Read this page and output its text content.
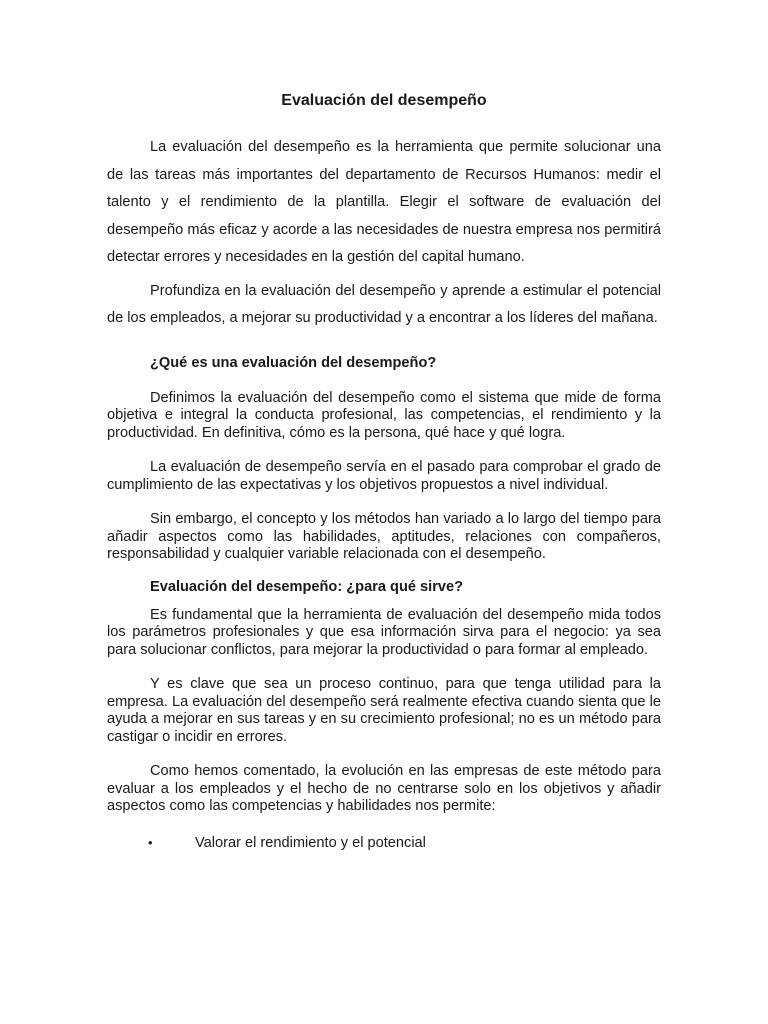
Evaluación del desempeño

La evaluación del desempeño es la herramienta que permite solucionar una de las tareas más importantes del departamento de Recursos Humanos: medir el talento y el rendimiento de la plantilla. Elegir el software de evaluación del desempeño más eficaz y acorde a las necesidades de nuestra empresa nos permitirá detectar errores y necesidades en la gestión del capital humano.

Profundiza en la evaluación del desempeño y aprende a estimular el potencial de los empleados, a mejorar su productividad y a encontrar a los líderes del mañana.

¿Qué es una evaluación del desempeño?

Definimos la evaluación del desempeño como el sistema que mide de forma objetiva e integral la conducta profesional, las competencias, el rendimiento y la productividad. En definitiva, cómo es la persona, qué hace y qué logra.

La evaluación de desempeño servía en el pasado para comprobar el grado de cumplimiento de las expectativas y los objetivos propuestos a nivel individual.

Sin embargo, el concepto y los métodos han variado a lo largo del tiempo para añadir aspectos como las habilidades, aptitudes, relaciones con compañeros, responsabilidad y cualquier variable relacionada con el desempeño.

Evaluación del desempeño: ¿para qué sirve?

Es fundamental que la herramienta de evaluación del desempeño mida todos los parámetros profesionales y que esa información sirva para el negocio: ya sea para solucionar conflictos, para mejorar la productividad o para formar al empleado.

Y es clave que sea un proceso continuo, para que tenga utilidad para la empresa. La evaluación del desempeño será realmente efectiva cuando sienta que le ayuda a mejorar en sus tareas y en su crecimiento profesional; no es un método para castigar o incidir en errores.

Como hemos comentado, la evolución en las empresas de este método para evaluar a los empleados y el hecho de no centrarse solo en los objetivos y añadir aspectos como las competencias y habilidades nos permite:

•	Valorar el rendimiento y el potencial
